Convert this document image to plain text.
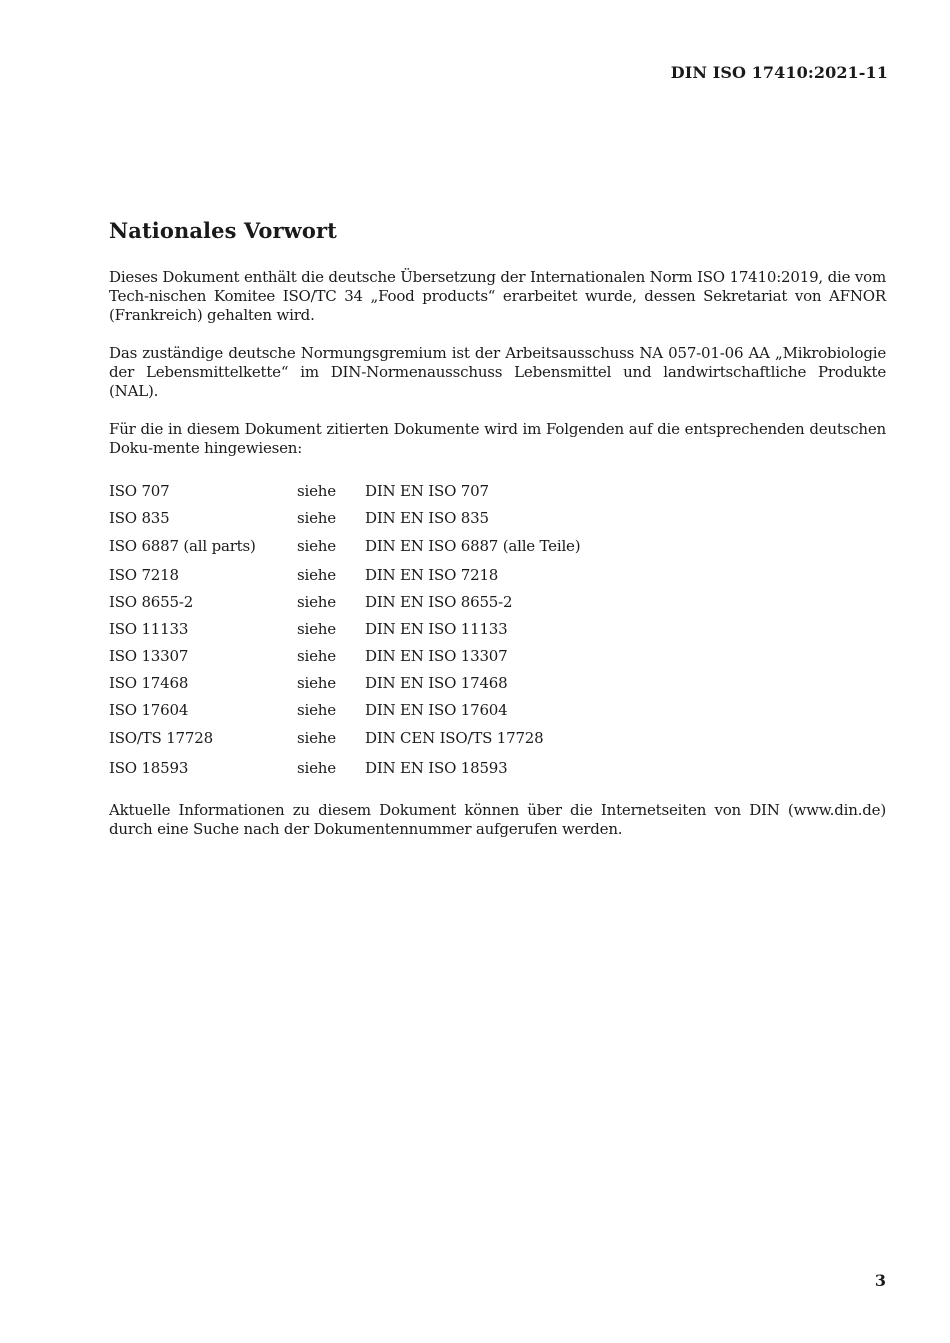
DIN ISO 17410:2021-11
Nationales Vorwort

Dieses Dokument enthält die deutsche Übersetzung der Internationalen Norm ISO 17410:2019, die vom Tech-nischen Komitee ISO/TC 34 „Food products“ erarbeitet wurde, dessen Sekretariat von AFNOR (Frankreich) gehalten wird.

Das zuständige deutsche Normungsgremium ist der Arbeitsausschuss NA 057-01-06 AA „Mikrobiologie der Lebensmittelkette“ im DIN-Normenausschuss Lebensmittel und landwirtschaftliche Produkte (NAL).

Für die in diesem Dokument zitierten Dokumente wird im Folgenden auf die entsprechenden deutschen Doku-mente hingewiesen:

ISO 707	siehe	DIN EN ISO 707
ISO 835	siehe	DIN EN ISO 835
ISO 6887 (all parts)	siehe	DIN EN ISO 6887 (alle Teile)
ISO 7218	siehe	DIN EN ISO 7218
ISO 8655-2	siehe	DIN EN ISO 8655-2
ISO 11133	siehe	DIN EN ISO 11133
ISO 13307	siehe	DIN EN ISO 13307
ISO 17468	siehe	DIN EN ISO 17468
ISO 17604	siehe	DIN EN ISO 17604
ISO/TS 17728	siehe	DIN CEN ISO/TS 17728
ISO 18593	siehe	DIN EN ISO 18593

Aktuelle Informationen zu diesem Dokument können über die Internetseiten von DIN (www.din.de) durch eine Suche nach der Dokumentennummer aufgerufen werden.

3
